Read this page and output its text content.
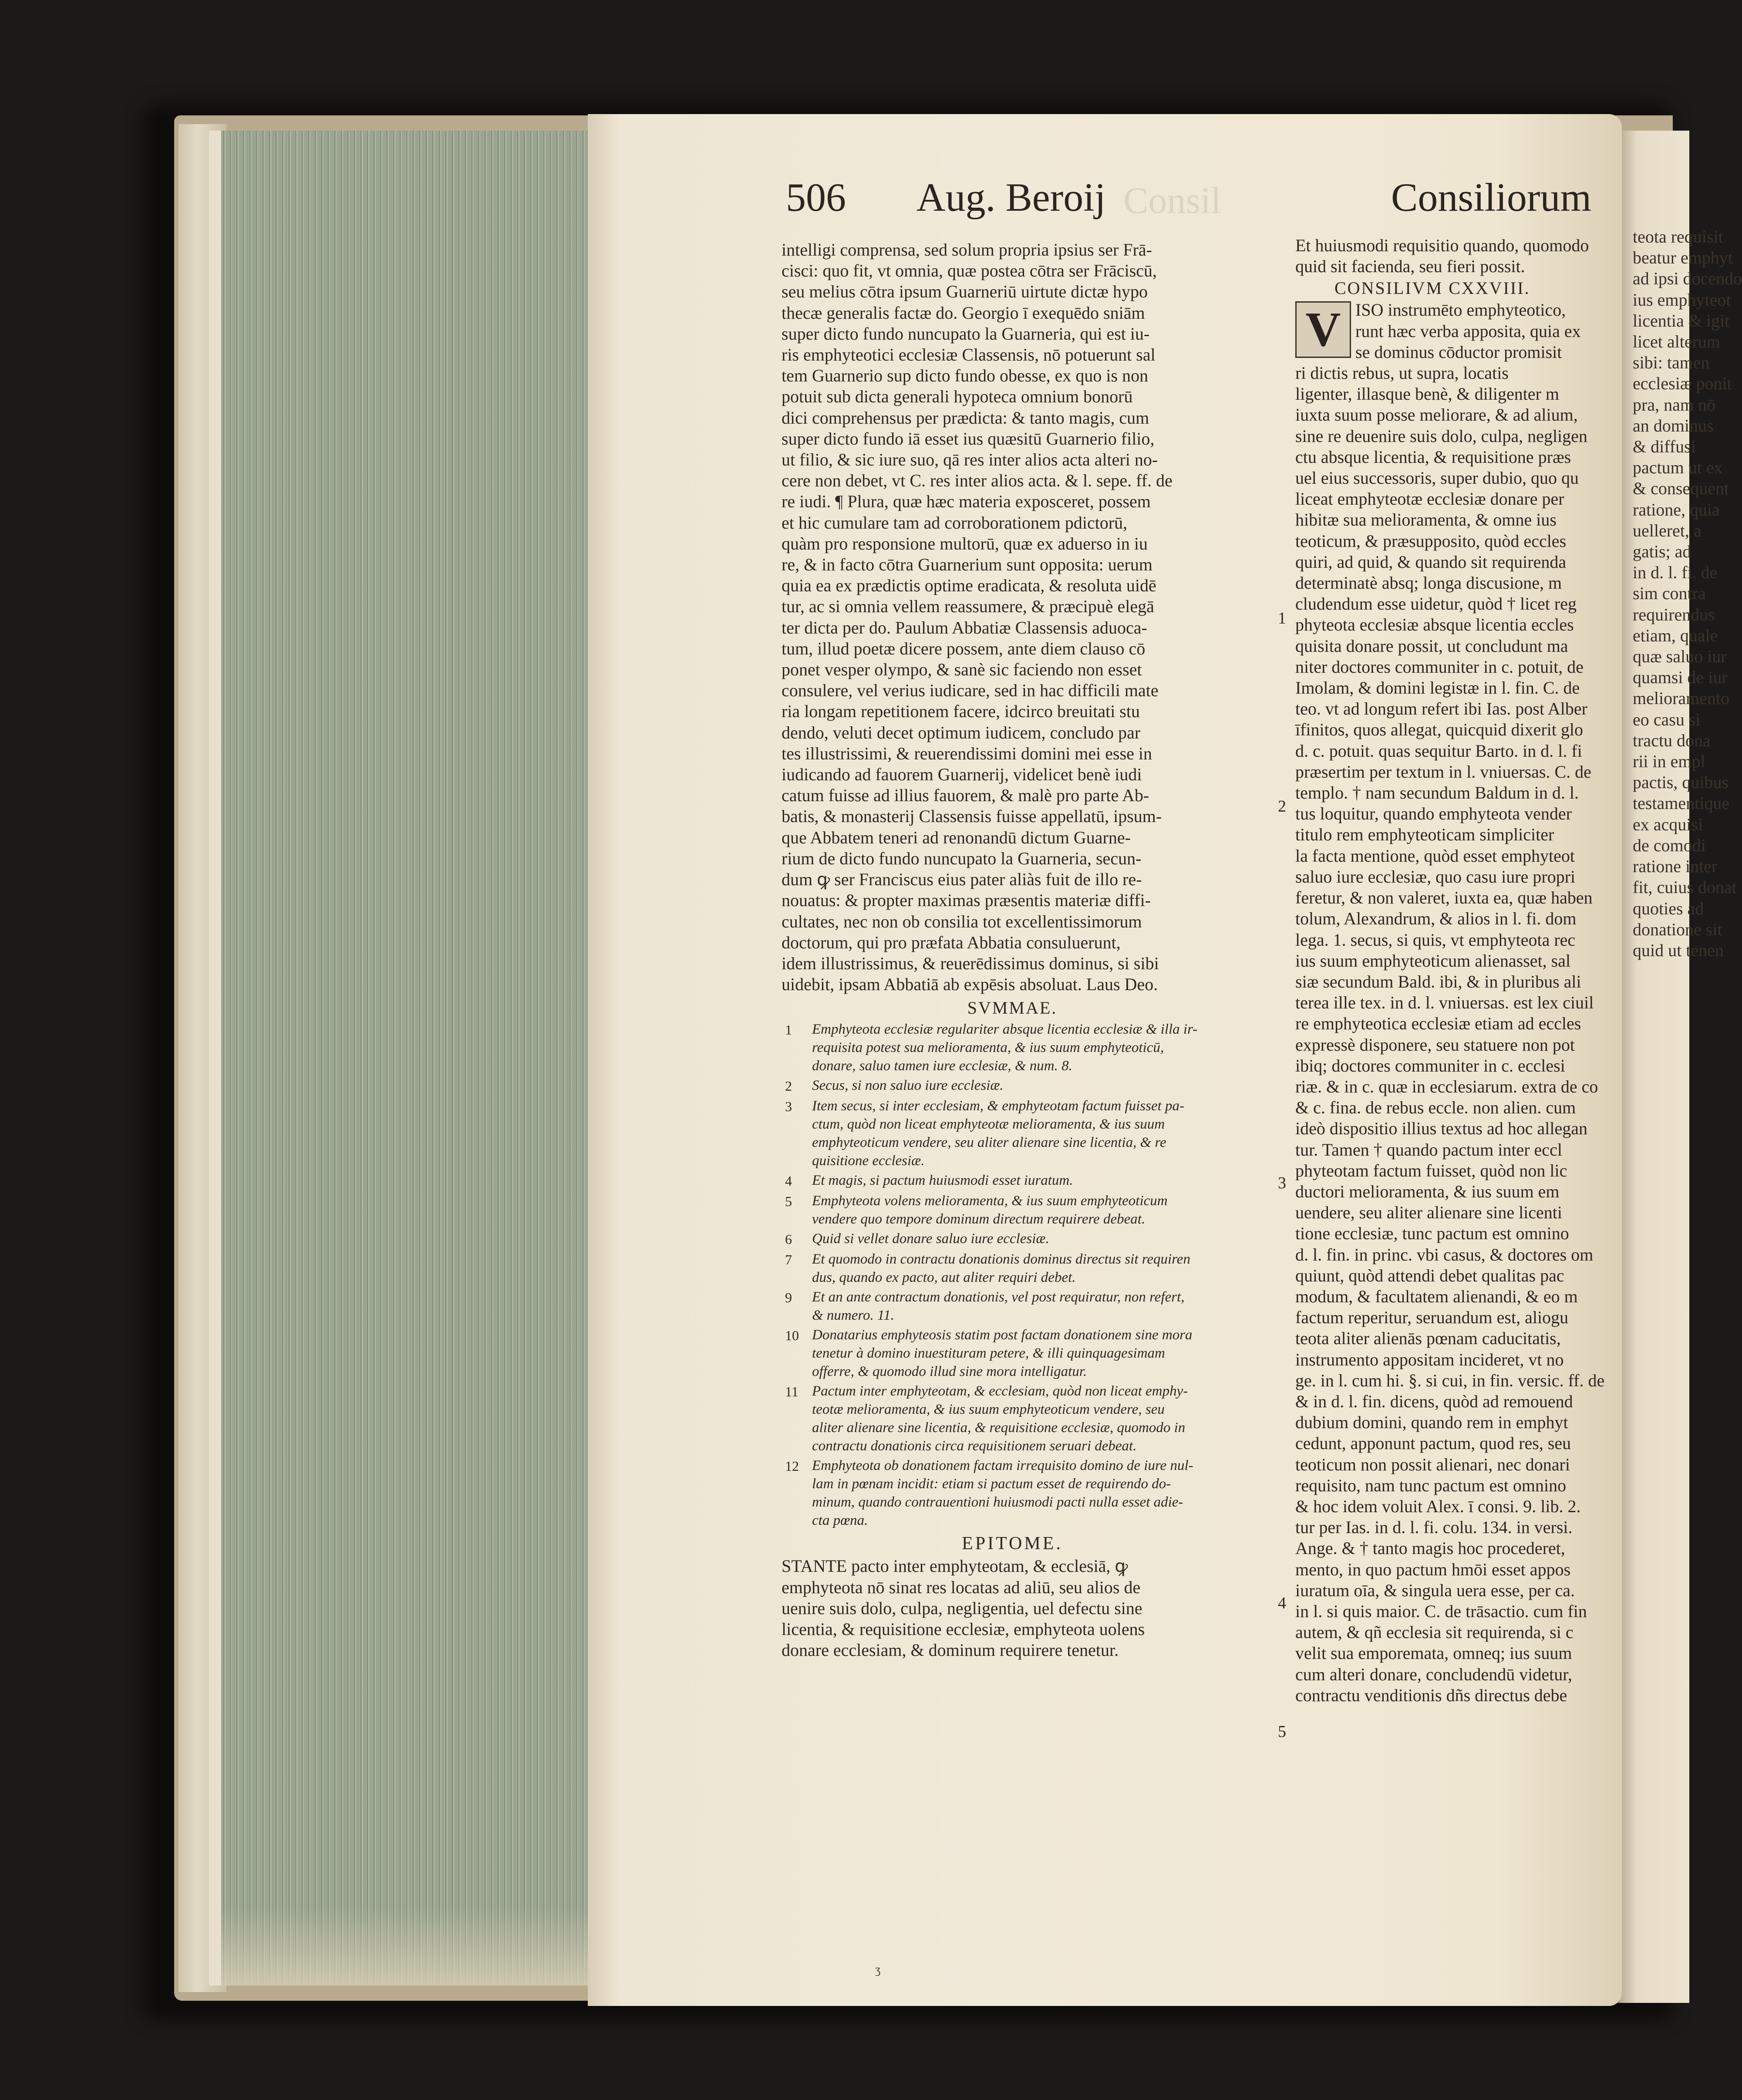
teota requisit
beatur emphyt
ad ipsi docendo
ius emphyteot
licentia & igit
licet alterum
sibi: tamen
ecclesiæ ponit
pra, nam nō
an dominus
& diffusi
pactum ut ex
& consequent
ratione, quia
uelleret, a
gatis; ad
in d. l. fi. de
sim contra
requirendus
etiam, quale
quæ saluo iur
quamsi de iur
melioramento
eo casu si
tractu dona
rii in empl
pactis, quibus
testamentique
ex acquisi
de comodi
ratione inter
fit, cuius donat
quoties ad
donatione sit
quid ut tenen
Consil
506 Aug. Beroij	Consiliorum
intelligi comprensa, sed solum propria ipsius ser Frā-
cisci: quo fit, vt omnia, quæ postea cōtra ser Frāciscū,
seu melius cōtra ipsum Guarneriū uirtute dictæ hypo
thecæ generalis factæ do. Georgio ī exequēdo sniām
super dicto fundo nuncupato la Guarneria, qui est iu-
ris emphyteotici ecclesiæ Classensis, nō potuerunt sal
tem Guarnerio sup dicto fundo obesse, ex quo is non
potuit sub dicta generali hypoteca omnium bonorū
dici comprehensus per prædicta: & tanto magis, cum
super dicto fundo iā esset ius quæsitū Guarnerio filio,
ut filio, & sic iure suo, qā res inter alios acta alteri no-
cere non debet, vt C. res inter alios acta. & l. sepe. ff. de
re iudi. ¶ Plura, quæ hæc materia exposceret, possem
et hic cumulare tam ad corroborationem pdictorū,
quàm pro responsione multorū, quæ ex aduerso in iu
re, & in facto cōtra Guarnerium sunt opposita: uerum
quia ea ex prædictis optime eradicata, & resoluta uidē
tur, ac si omnia vellem reassumere, & præcipuè elegā
ter dicta per do. Paulum Abbatiæ Classensis aduoca-
tum, illud poetæ dicere possem, ante diem clauso cō
ponet vesper olympo, & sanè sic faciendo non esset
consulere, vel verius iudicare, sed in hac difficili mate
ria longam repetitionem facere, idcirco breuitati stu
dendo, veluti decet optimum iudicem, concludo par
tes illustrissimi, & reuerendissimi domini mei esse in
iudicando ad fauorem Guarnerij, videlicet benè iudi
catum fuisse ad illius fauorem, & malè pro parte Ab-
batis, & monasterij Classensis fuisse appellatū, ipsum-
que Abbatem teneri ad renonandū dictum Guarne-
rium de dicto fundo nuncupato la Guarneria, secun-
dum ꝙ ser Franciscus eius pater aliàs fuit de illo re-
nouatus: & propter maximas præsentis materiæ diffi-
cultates, nec non ob consilia tot excellentissimorum
doctorum, qui pro præfata Abbatia consuluerunt,
idem illustrissimus, & reuerēdissimus dominus, si sibi
uidebit, ipsam Abbatiā ab expēsis absoluat. Laus Deo.
SVMMAE.
1	Emphyteota ecclesiæ regulariter absque licentia ecclesiæ & illa ir-
requisita potest sua melioramenta, & ius suum emphyteoticū,
donare, saluo tamen iure ecclesiæ, & num. 8.
2	Secus, si non saluo iure ecclesiæ.
3	Item secus, si inter ecclesiam, & emphyteotam factum fuisset pa-
ctum, quòd non liceat emphyteotæ melioramenta, & ius suum
emphyteoticum vendere, seu aliter alienare sine licentia, & re
quisitione ecclesiæ.
4	Et magis, si pactum huiusmodi esset iuratum.
5	Emphyteota volens melioramenta, & ius suum emphyteoticum
vendere quo tempore dominum directum requirere debeat.
6	Quid si vellet donare saluo iure ecclesiæ.
7	Et quomodo in contractu donationis dominus directus sit requiren
dus, quando ex pacto, aut aliter requiri debet.
9	Et an ante contractum donationis, vel post requiratur, non refert,
& numero. 11.
10 Donatarius emphyteosis statim post factam donationem sine mora
tenetur à domino inuestituram petere, & illi quinquagesimam
offerre, & quomodo illud sine mora intelligatur.
11 Pactum inter emphyteotam, & ecclesiam, quòd non liceat emphy-
teotæ melioramenta, & ius suum emphyteoticum vendere, seu
aliter alienare sine licentia, & requisitione ecclesiæ, quomodo in
contractu donationis circa requisitionem seruari debeat.
12 Emphyteota ob donationem factam irrequisito domino de iure nul-
lam in pœnam incidit: etiam si pactum esset de requirendo do-
minum, quando contrauentioni huiusmodi pacti nulla esset adie-
cta pœna.
EPITOME.
STANTE pacto inter emphyteotam, & ecclesiā, ꝙ
emphyteota nō sinat res locatas ad aliū, seu alios de
uenire suis dolo, culpa, negligentia, uel defectu sine
licentia, & requisitione ecclesiæ, emphyteota uolens
donare ecclesiam, & dominum requirere tenetur.
Et huiusmodi requisitio quando, quomodo
quid sit facienda, seu fieri possit.
CONSILIVM CXXVIII.
V ISO instrumēto emphyteotico,
runt hæc verba apposita, quia ex
se dominus cōductor promisit
ri dictis rebus, ut supra, locatis
ligenter, illasque benè, & diligenter m
iuxta suum posse meliorare, & ad alium,
sine re deuenire suis dolo, culpa, negligen
ctu absque licentia, & requisitione præs
uel eius successoris, super dubio, quo qu
liceat emphyteotæ ecclesiæ donare per
hibitæ sua melioramenta, & omne ius
teoticum, & præsupposito, quòd eccles
quiri, ad quid, & quando sit requirenda
determinatè absq; longa discusione, m
cludendum esse uidetur, quòd † licet reg
phyteota ecclesiæ absque licentia eccles
quisita donare possit, ut concludunt ma
niter doctores communiter in c. potuit, de
Imolam, & domini legistæ in l. fin. C. de
teo. vt ad longum refert ibi Ias. post Alber
īfinitos, quos allegat, quicquid dixerit glo
d. c. potuit. quas sequitur Barto. in d. l. fi
præsertim per textum in l. vniuersas. C. de
templo. † nam secundum Baldum in d. l.
tus loquitur, quando emphyteota vender
titulo rem emphyteoticam simpliciter
la facta mentione, quòd esset emphyteot
saluo iure ecclesiæ, quo casu iure propri
feretur, & non valeret, iuxta ea, quæ haben
tolum, Alexandrum, & alios in l. fi. dom
lega. 1. secus, si quis, vt emphyteota rec
ius suum emphyteoticum alienasset, sal
siæ secundum Bald. ibi, & in pluribus ali
terea ille tex. in d. l. vniuersas. est lex ciuil
re emphyteotica ecclesiæ etiam ad eccles
expressè disponere, seu statuere non pot
ibiq; doctores communiter in c. ecclesi
riæ. & in c. quæ in ecclesiarum. extra de co
& c. fina. de rebus eccle. non alien. cum
ideò dispositio illius textus ad hoc allegan
tur. Tamen † quando pactum inter eccl
phyteotam factum fuisset, quòd non lic
ductori melioramenta, & ius suum em
uendere, seu aliter alienare sine licenti
tione ecclesiæ, tunc pactum est omnino
d. l. fin. in princ. vbi casus, & doctores om
quiunt, quòd attendi debet qualitas pac
modum, & facultatem alienandi, & eo m
factum reperitur, seruandum est, aliogu
teota aliter alienās pœnam caducitatis,
instrumento appositam incideret, vt no
ge. in l. cum hi. §. si cui, in fin. versic. ff. de
& in d. l. fin. dicens, quòd ad remouend
dubium domini, quando rem in emphyt
cedunt, apponunt pactum, quod res, seu
teoticum non possit alienari, nec donari
requisito, nam tunc pactum est omnino
& hoc idem voluit Alex. ī consi. 9. lib. 2.
tur per Ias. in d. l. fi. colu. 134. in versi.
Ange. & † tanto magis hoc procederet,
mento, in quo pactum hmōi esset appos
iuratum oīa, & singula uera esse, per ca.
in l. si quis maior. C. de trāsactio. cum fin
autem, & qñ ecclesia sit requirenda, si c
velit sua emporemata, omneq; ius suum
cum alteri donare, concludendū videtur,
contractu venditionis dñs directus debe
1
2
3
4
5
ʒ
